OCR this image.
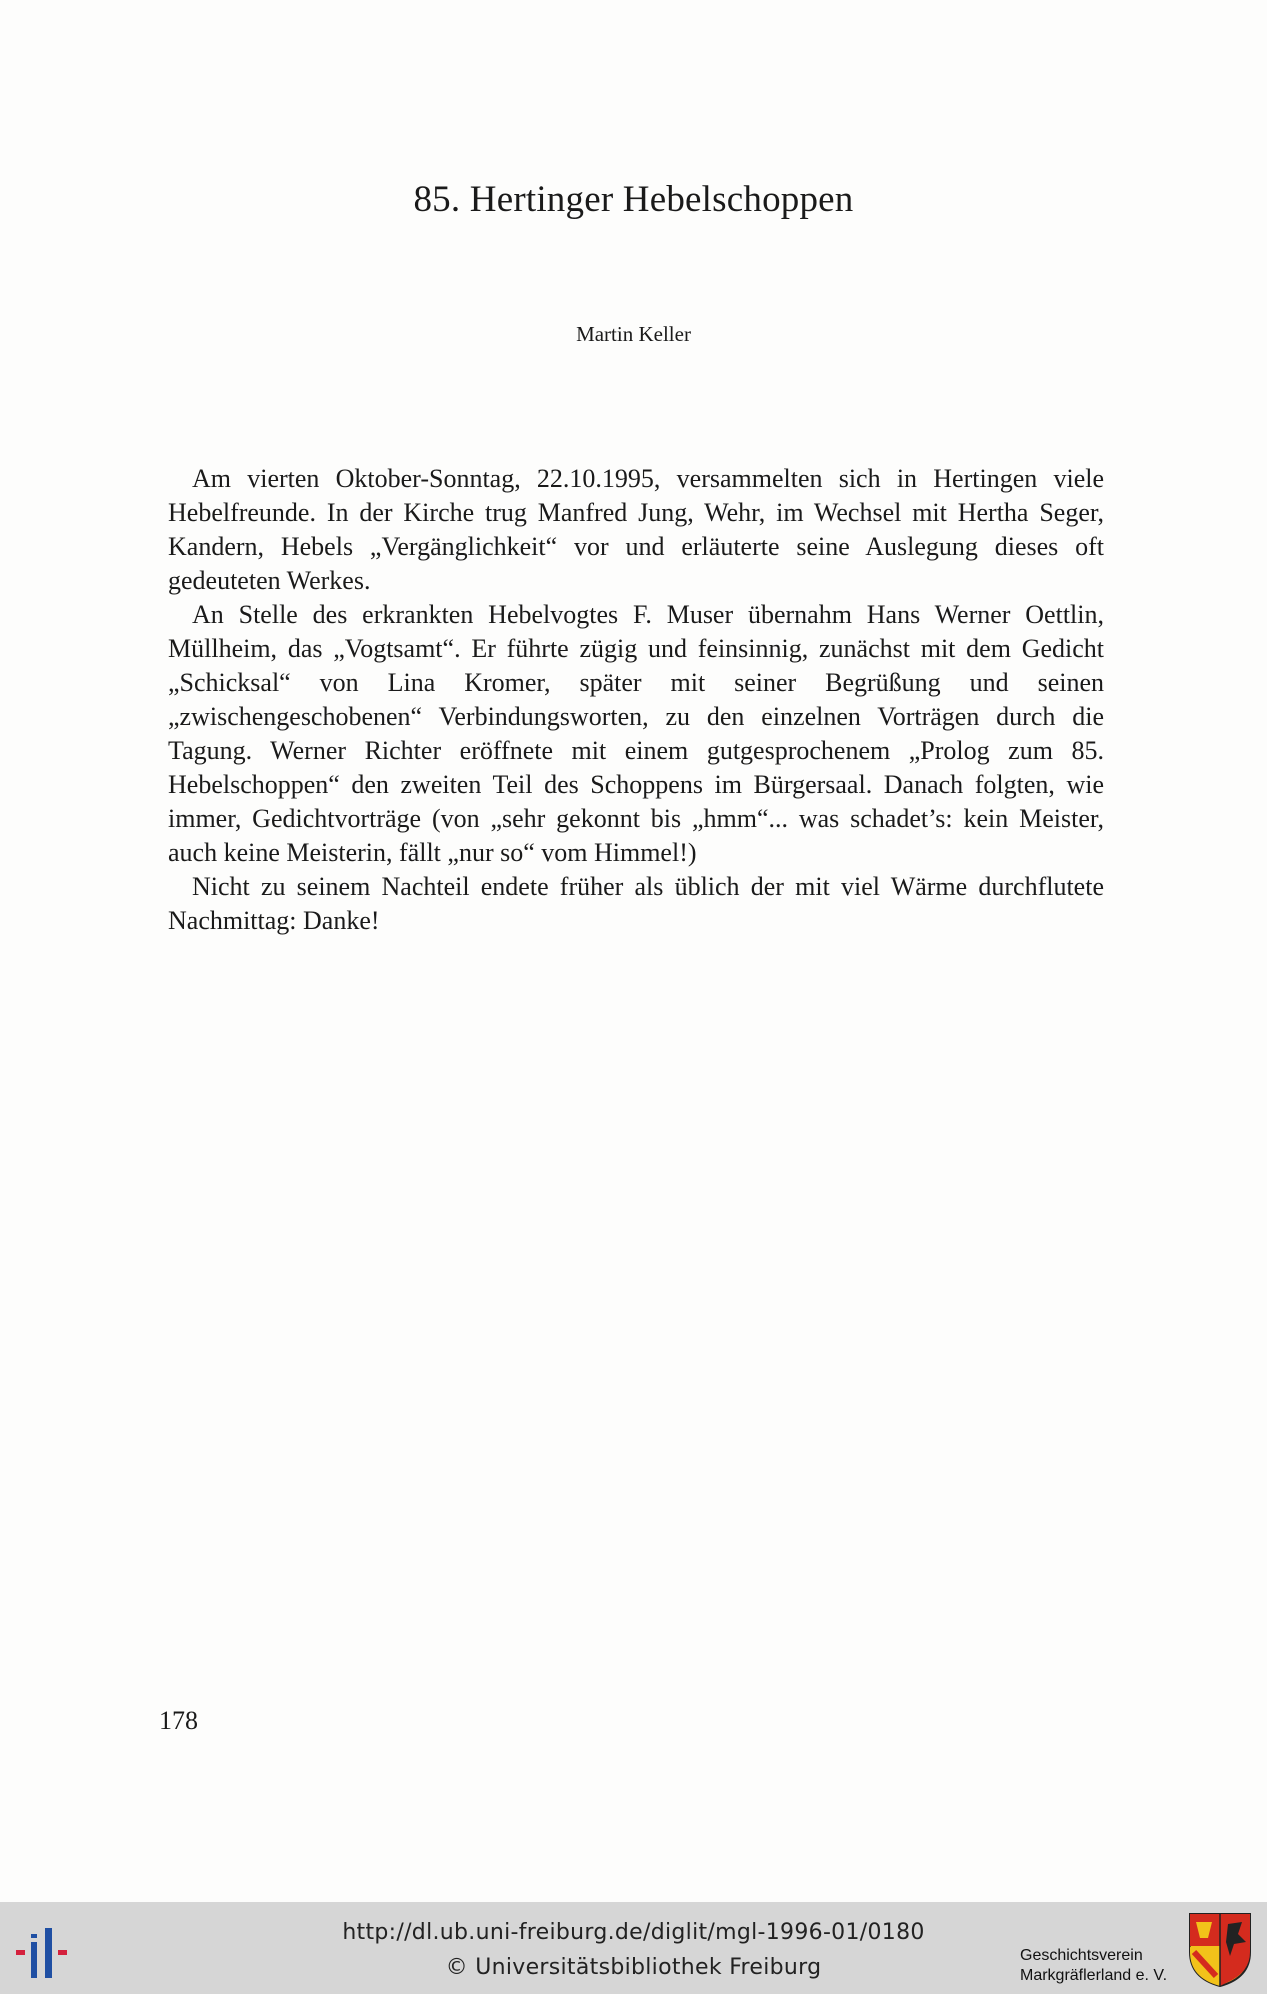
85. Hertinger Hebelschoppen
Martin Keller

Am vierten Oktober-Sonntag, 22.10.1995, versammelten sich in Hertingen viele Hebelfreunde. In der Kirche trug Manfred Jung, Wehr, im Wechsel mit Hertha Seger, Kandern, Hebels „Vergänglichkeit“ vor und erläuterte seine Auslegung dieses oft gedeuteten Werkes.

An Stelle des erkrankten Hebelvogtes F. Muser übernahm Hans Werner Oettlin, Müllheim, das „Vogtsamt“. Er führte zügig und feinsinnig, zunächst mit dem Gedicht „Schicksal“ von Lina Kromer, später mit seiner Begrüßung und seinen „zwischengeschobenen“ Verbindungsworten, zu den einzelnen Vorträgen durch die Tagung. Werner Richter eröffnete mit einem gutgesprochenem „Prolog zum 85. Hebelschoppen“ den zweiten Teil des Schoppens im Bürgersaal. Danach folgten, wie immer, Gedichtvorträge (von „sehr gekonnt bis „hmm“... was schadet’s: kein Meister, auch keine Meisterin, fällt „nur so“ vom Himmel!)

Nicht zu seinem Nachteil endete früher als üblich der mit viel Wärme durchflutete Nachmittag: Danke!

178
http://dl.ub.uni-freiburg.de/diglit/mgl-1996-01/0180
© Universitätsbibliothek Freiburg	Geschichtsverein
Markgräflerland e. V.
